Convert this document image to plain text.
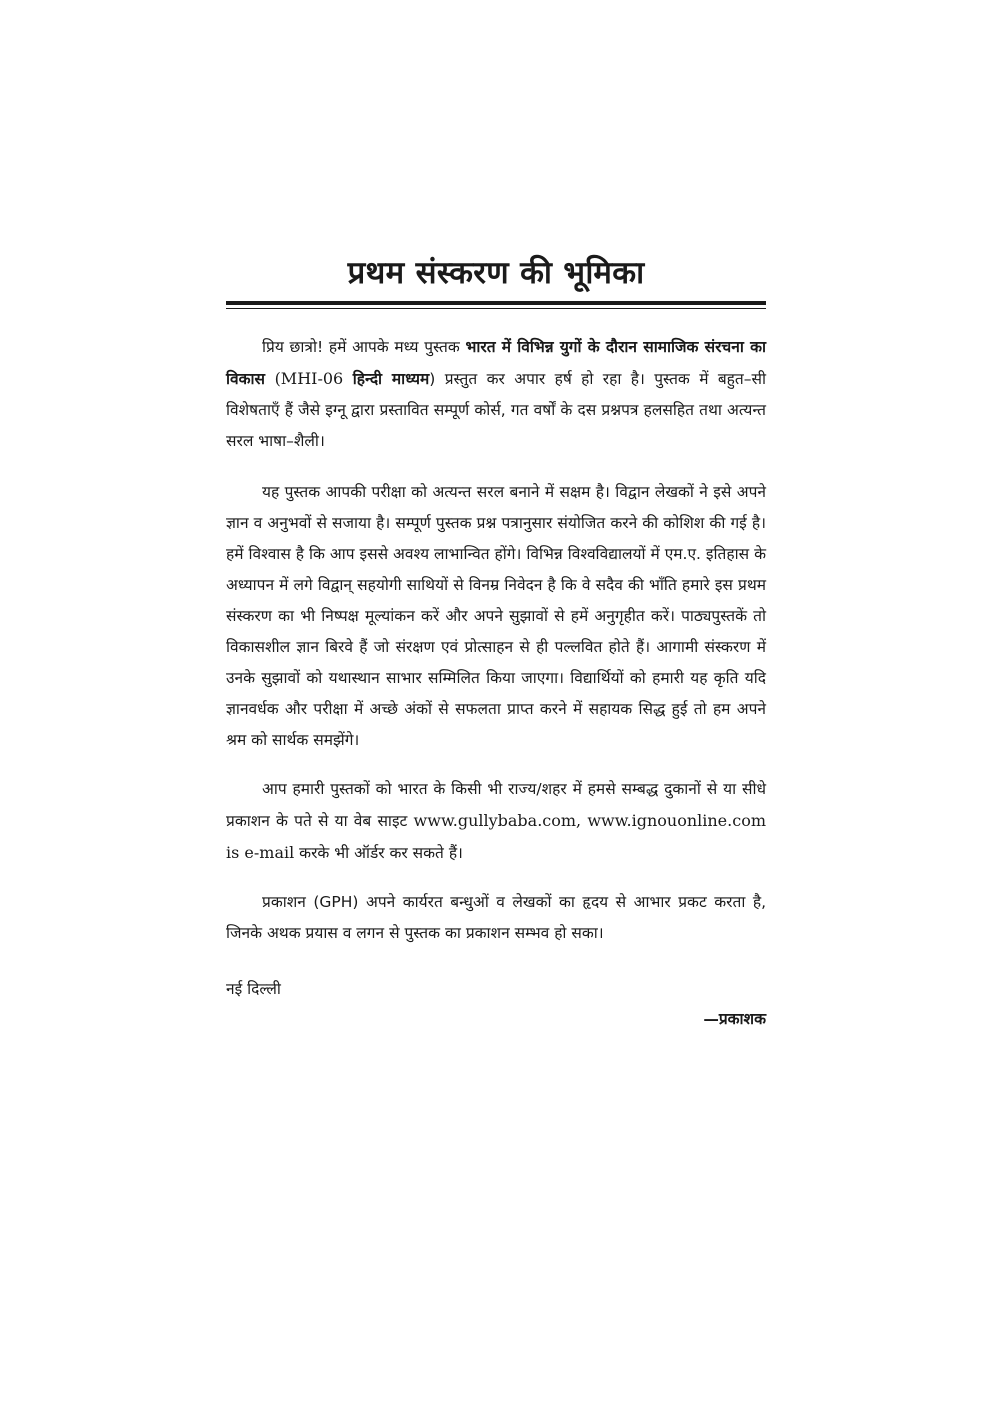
प्रथम संस्करण की भूमिका

प्रिय छात्रो! हमें आपके मध्य पुस्तक भारत में विभिन्न युगों के दौरान सामाजिक संरचना का विकास (MHI-06 हिन्दी माध्यम) प्रस्तुत कर अपार हर्ष हो रहा है। पुस्तक में बहुत–सी विशेषताएँ हैं जैसे इग्नू द्वारा प्रस्तावित सम्पूर्ण कोर्स, गत वर्षों के दस प्रश्नपत्र हलसहित तथा अत्यन्त सरल भाषा–शैली।

यह पुस्तक आपकी परीक्षा को अत्यन्त सरल बनाने में सक्षम है। विद्वान लेखकों ने इसे अपने ज्ञान व अनुभवों से सजाया है। सम्पूर्ण पुस्तक प्रश्न पत्रानुसार संयोजित करने की कोशिश की गई है। हमें विश्वास है कि आप इससे अवश्य लाभान्वित होंगे। विभिन्न विश्वविद्यालयों में एम.ए. इतिहास के अध्यापन में लगे विद्वान् सहयोगी साथियों से विनम्र निवेदन है कि वे सदैव की भाँति हमारे इस प्रथम संस्करण का भी निष्पक्ष मूल्यांकन करें और अपने सुझावों से हमें अनुगृहीत करें। पाठ्यपुस्तकें तो विकासशील ज्ञान बिरवे हैं जो संरक्षण एवं प्रोत्साहन से ही पल्लवित होते हैं। आगामी संस्करण में उनके सुझावों को यथास्थान साभार सम्मिलित किया जाएगा। विद्यार्थियों को हमारी यह कृति यदि ज्ञानवर्धक और परीक्षा में अच्छे अंकों से सफलता प्राप्त करने में सहायक सिद्ध हुई तो हम अपने श्रम को सार्थक समझेंगे।

आप हमारी पुस्तकों को भारत के किसी भी राज्य/शहर में हमसे सम्बद्ध दुकानों से या सीधे प्रकाशन के पते से या वेब साइट www.gullybaba.com, www.ignouonline.com is e-mail करके भी ऑर्डर कर सकते हैं।

प्रकाशन (GPH) अपने कार्यरत बन्धुओं व लेखकों का हृदय से आभार प्रकट करता है, जिनके अथक प्रयास व लगन से पुस्तक का प्रकाशन सम्भव हो सका।

नई दिल्ली
—प्रकाशक
